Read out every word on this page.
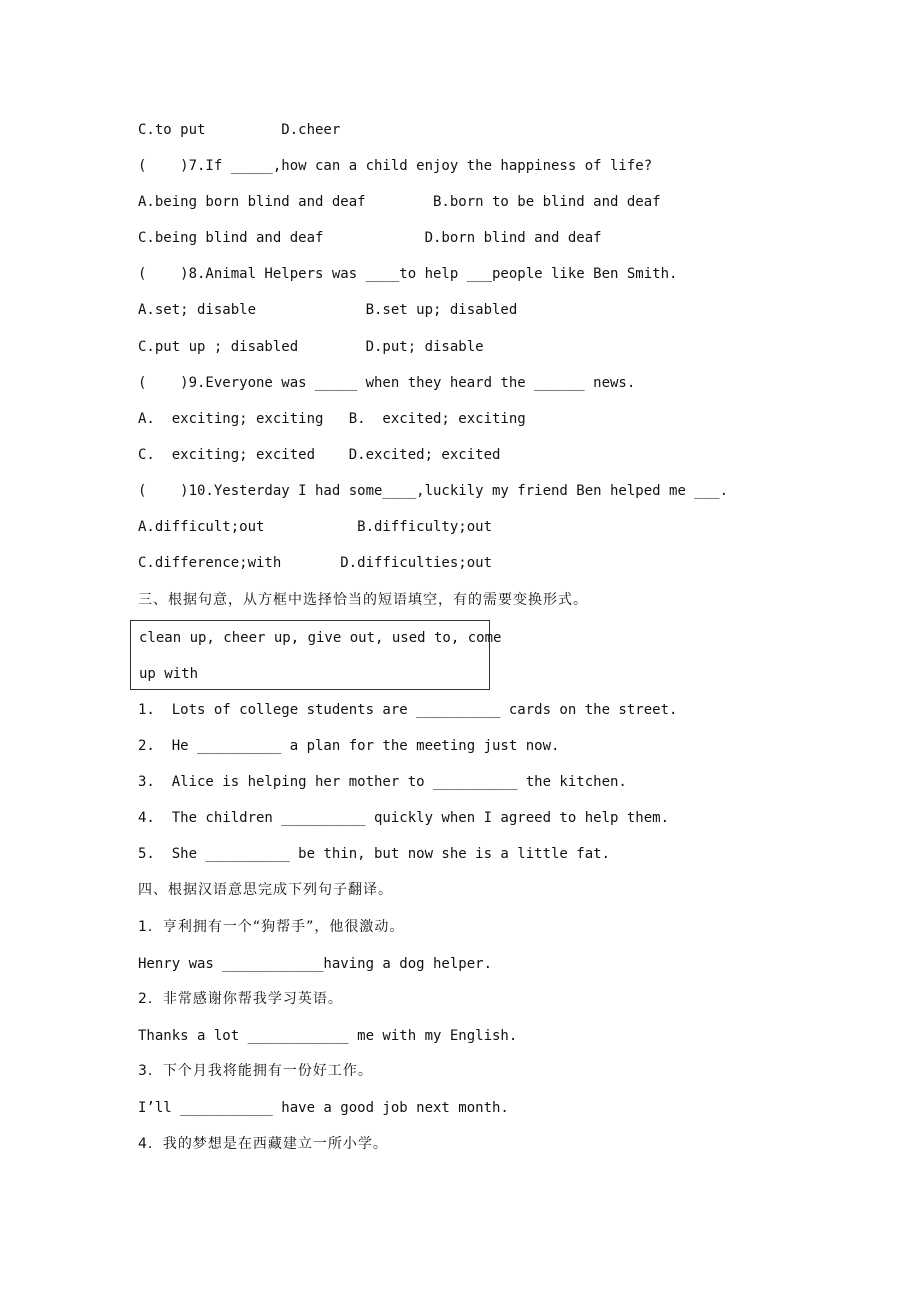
C.to put         D.cheer
(    )7.If _____,how can a child enjoy the happiness of life?
A.being born blind and deaf        B.born to be blind and deaf
C.being blind and deaf            D.born blind and deaf
(    )8.Animal Helpers was ____to help ___people like Ben Smith.
A.set; disable             B.set up; disabled
C.put up ; disabled        D.put; disable
(    )9.Everyone was _____ when they heard the ______ news.
A.  exciting; exciting   B.  excited; exciting
C.  exciting; excited    D.excited; excited
(    )10.Yesterday I had some____,luckily my friend Ben helped me ___.
A.difficult;out           B.difficulty;out
C.difference;with       D.difficulties;out
三、根据句意，从方框中选择恰当的短语填空，有的需要变换形式。
clean up, cheer up, give out, used to, come
up with
1.  Lots of college students are __________ cards on the street.
2.  He __________ a plan for the meeting just now.
3.  Alice is helping her mother to __________ the kitchen.
4.  The children __________ quickly when I agreed to help them.
5.  She __________ be thin, but now she is a little fat.
四、根据汉语意思完成下列句子翻译。
1．亨利拥有一个“狗帮手”，他很激动。
Henry was ____________having a dog helper.
2．非常感谢你帮我学习英语。
Thanks a lot ____________ me with my English.
3．下个月我将能拥有一份好工作。
I’ll ___________ have a good job next month.
4．我的梦想是在西藏建立一所小学。
